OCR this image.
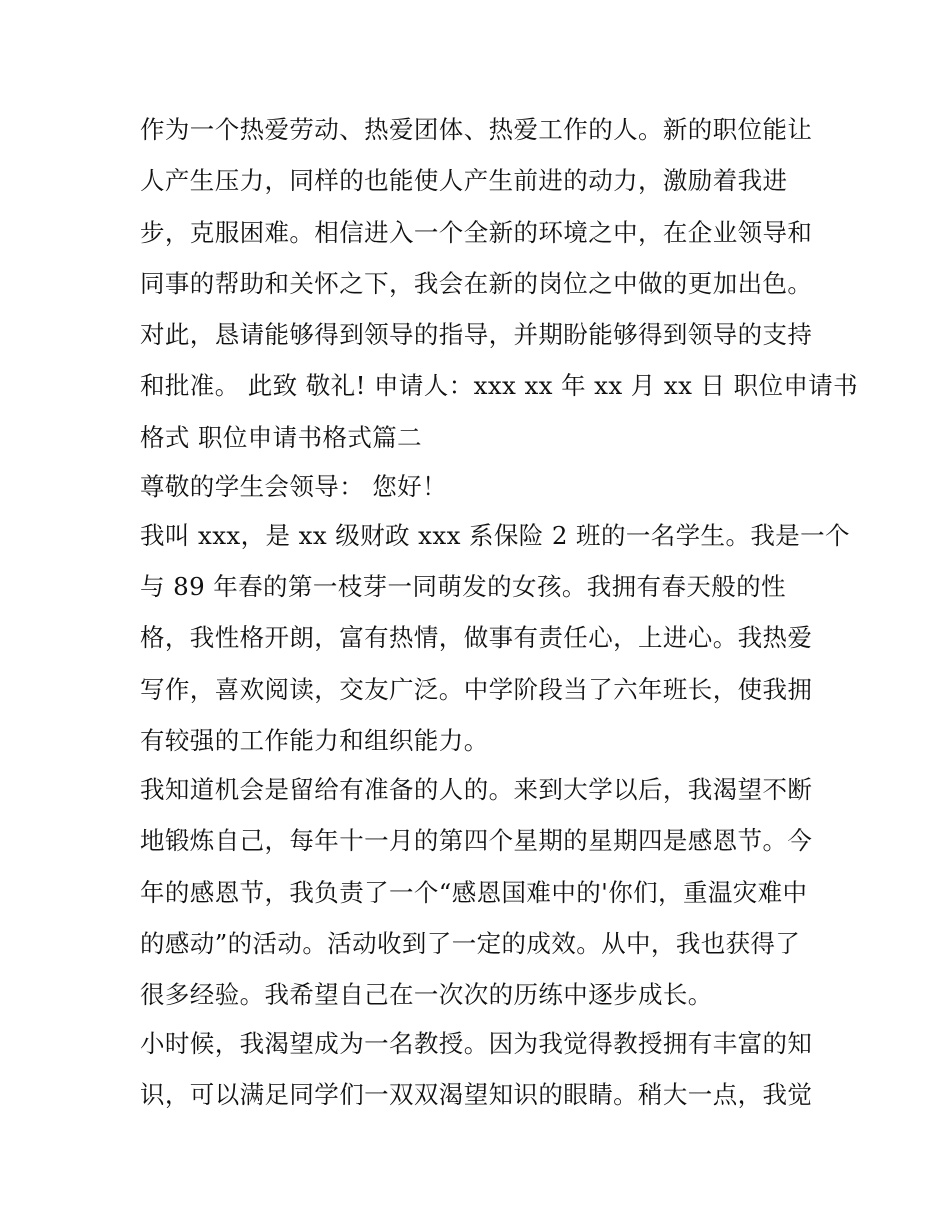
作为一个热爱劳动、热爱团体、热爱工作的人。新的职位能让
人产生压力，同样的也能使人产生前进的动力，激励着我进
步，克服困难。相信进入一个全新的环境之中，在企业领导和
同事的帮助和关怀之下，我会在新的岗位之中做的更加出色。
对此，恳请能够得到领导的指导，并期盼能够得到领导的支持
和批准。 此致 敬礼! 申请人：xxx xx 年 xx 月 xx 日 职位申请书
格式 职位申请书格式篇二
尊敬的学生会领导： 您好！
我叫 xxx，是 xx 级财政 xxx 系保险 2 班的一名学生。我是一个
与 89 年春的第一枝芽一同萌发的女孩。我拥有春天般的性
格，我性格开朗，富有热情，做事有责任心，上进心。我热爱
写作，喜欢阅读，交友广泛。中学阶段当了六年班长，使我拥
有较强的工作能力和组织能力。
我知道机会是留给有准备的人的。来到大学以后，我渴望不断
地锻炼自己，每年十一月的第四个星期的星期四是感恩节。今
年的感恩节，我负责了一个“感恩国难中的'你们，重温灾难中
的感动”的活动。活动收到了一定的成效。从中，我也获得了
很多经验。我希望自己在一次次的历练中逐步成长。
小时候，我渴望成为一名教授。因为我觉得教授拥有丰富的知
识，可以满足同学们一双双渴望知识的眼睛。稍大一点，我觉
